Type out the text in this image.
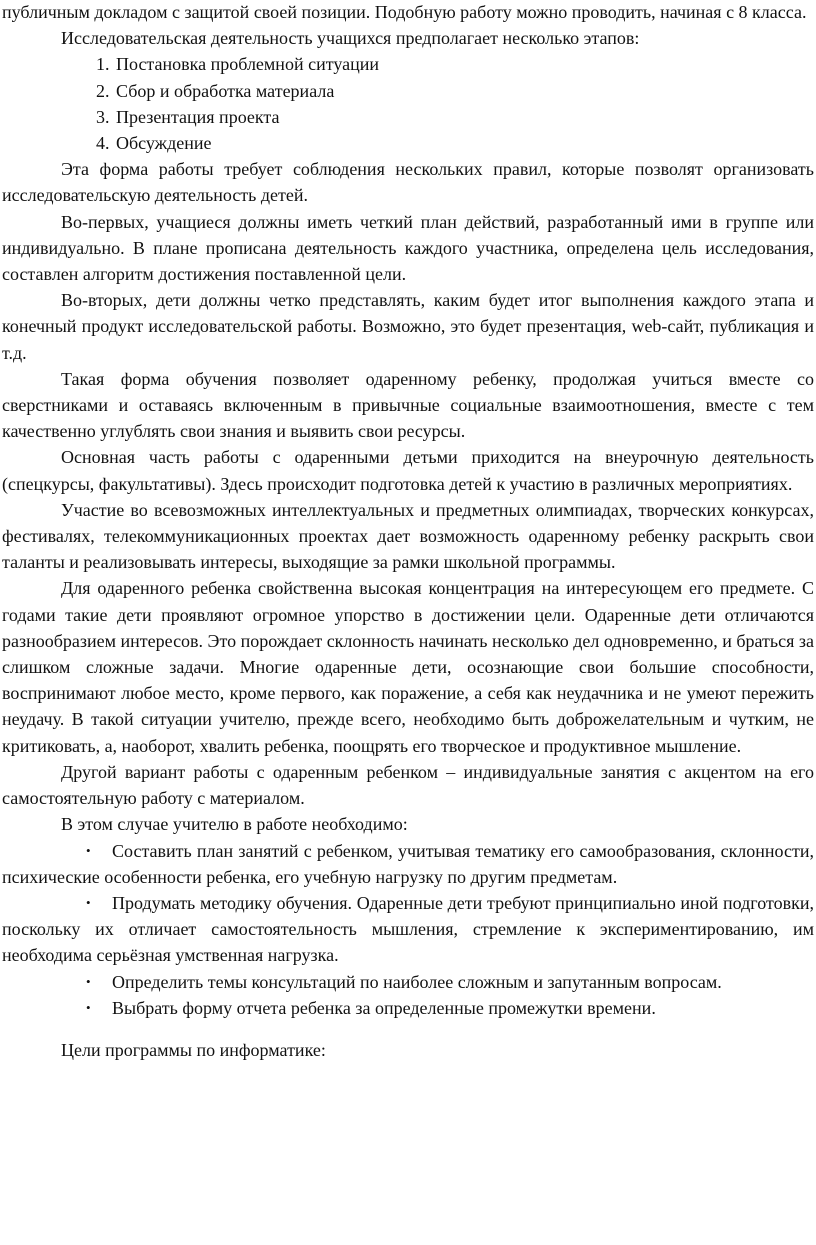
публичным докладом с защитой своей позиции. Подобную работу можно проводить, начиная с 8 класса.

Исследовательская деятельность учащихся предполагает несколько этапов:

1. Постановка проблемной ситуации
2. Сбор и обработка материала
3. Презентация проекта
4. Обсуждение

Эта форма работы требует соблюдения нескольких правил, которые позволят организовать исследовательскую деятельность детей.

Во-первых, учащиеся должны иметь четкий план действий, разработанный ими в группе или индивидуально. В плане прописана деятельность каждого участника, определена цель исследования, составлен алгоритм достижения поставленной цели.

Во-вторых, дети должны четко представлять, каким будет итог выполнения каждого этапа и конечный продукт исследовательской работы. Возможно, это будет презентация, web-сайт, публикация и т.д.

Такая форма обучения позволяет одаренному ребенку, продолжая учиться вместе со сверстниками и оставаясь включенным в привычные социальные взаимоотношения, вместе с тем качественно углублять свои знания и выявить свои ресурсы.

Основная часть работы с одаренными детьми приходится на внеурочную деятельность (спецкурсы, факультативы). Здесь происходит подготовка детей к участию в различных мероприятиях.

Участие во всевозможных интеллектуальных и предметных олимпиадах, творческих конкурсах, фестивалях, телекоммуникационных проектах дает возможность одаренному ребенку раскрыть свои таланты и реализовывать интересы, выходящие за рамки школьной программы.

Для одаренного ребенка свойственна высокая концентрация на интересующем его предмете. С годами такие дети проявляют огромное упорство в достижении цели. Одаренные дети отличаются разнообразием интересов. Это порождает склонность начинать несколько дел одновременно, и браться за слишком сложные задачи. Многие одаренные дети, осознающие свои большие способности, воспринимают любое место, кроме первого, как поражение, а себя как неудачника и не умеют пережить неудачу. В такой ситуации учителю, прежде всего, необходимо быть доброжелательным и чутким, не критиковать, а, наоборот, хвалить ребенка, поощрять его творческое и продуктивное мышление.

Другой вариант работы с одаренным ребенком – индивидуальные занятия с акцентом на его самостоятельную работу с материалом.

В этом случае учителю в работе необходимо:

• Составить план занятий с ребенком, учитывая тематику его самообразования, склонности, психические особенности ребенка, его учебную нагрузку по другим предметам.
• Продумать методику обучения. Одаренные дети требуют принципиально иной подготовки, поскольку их отличает самостоятельность мышления, стремление к экспериментированию, им необходима серьёзная умственная нагрузка.
• Определить темы консультаций по наиболее сложным и запутанным вопросам.
• Выбрать форму отчета ребенка за определенные промежутки времени.

Цели программы по информатике:
